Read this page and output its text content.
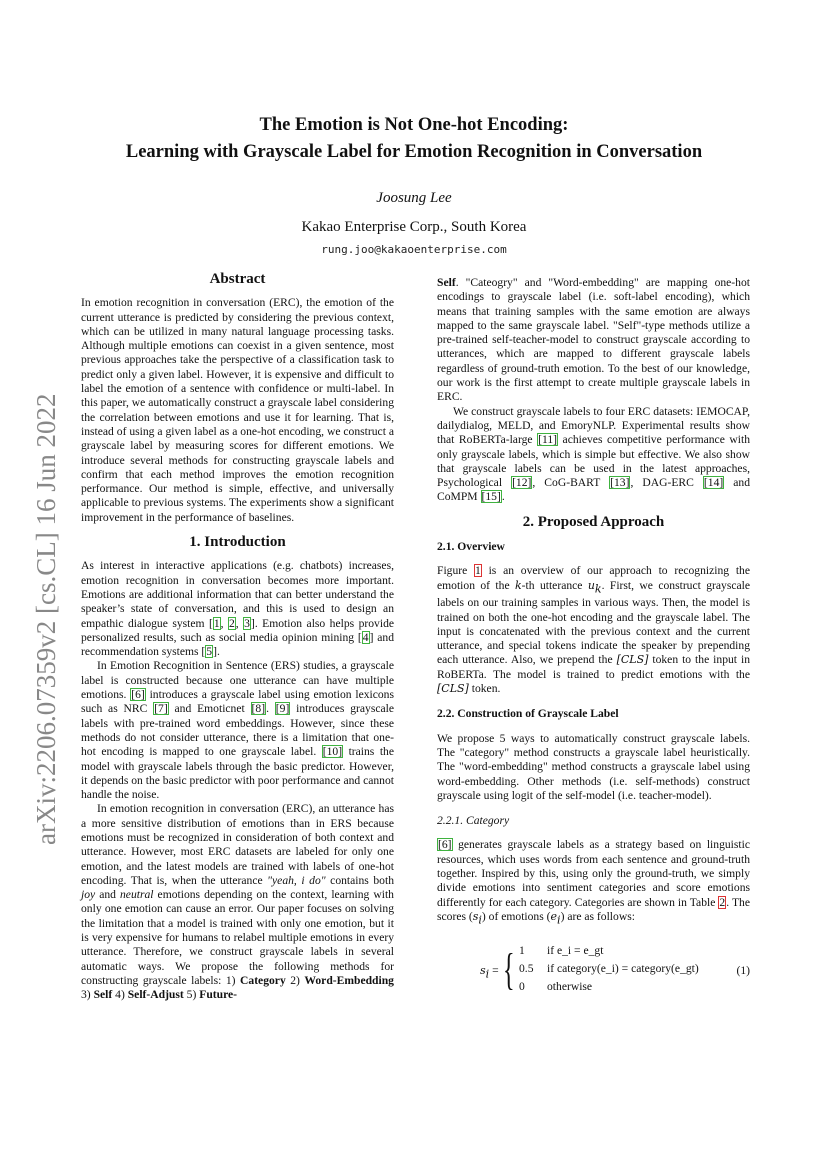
arXiv:2206.07359v2 [cs.CL] 16 Jun 2022
The Emotion is Not One-hot Encoding:
Learning with Grayscale Label for Emotion Recognition in Conversation
Joosung Lee
Kakao Enterprise Corp., South Korea
rung.joo@kakaoenterprise.com
Abstract

In emotion recognition in conversation (ERC), the emotion of the current utterance is predicted by considering the previous context, which can be utilized in many natural language processing tasks. Although multiple emotions can coexist in a given sentence, most previous approaches take the perspective of a classification task to predict only a given label. However, it is expensive and difficult to label the emotion of a sentence with confidence or multi-label. In this paper, we automatically construct a grayscale label considering the correlation between emotions and use it for learning. That is, instead of using a given label as a one-hot encoding, we construct a grayscale label by measuring scores for different emotions. We introduce several methods for constructing grayscale labels and confirm that each method improves the emotion recognition performance. Our method is simple, effective, and universally applicable to previous systems. The experiments show a significant improvement in the performance of baselines.

1. Introduction

As interest in interactive applications (e.g. chatbots) increases, emotion recognition in conversation becomes more important. Emotions are additional information that can better understand the speaker’s state of conversation, and this is used to design an empathic dialogue system [1, 2, 3]. Emotion also helps provide personalized results, such as social media opinion mining [4] and recommendation systems [5].

In Emotion Recognition in Sentence (ERS) studies, a grayscale label is constructed because one utterance can have multiple emotions. [6] introduces a grayscale label using emotion lexicons such as NRC [7] and Emoticnet [8]. [9] introduces grayscale labels with pre-trained word embeddings. However, since these methods do not consider utterance, there is a limitation that one-hot encoding is mapped to one grayscale label. [10] trains the model with grayscale labels through the basic predictor. However, it depends on the basic predictor with poor performance and cannot handle the noise.

In emotion recognition in conversation (ERC), an utterance has a more sensitive distribution of emotions than in ERS because emotions must be recognized in consideration of both context and utterance. However, most ERC datasets are labeled for only one emotion, and the latest models are trained with labels of one-hot encoding. That is, when the utterance "yeah, i do" contains both joy and neutral emotions depending on the context, learning with only one emotion can cause an error. Our paper focuses on solving the limitation that a model is trained with only one emotion, but it is very expensive for humans to relabel multiple emotions in every utterance. Therefore, we construct grayscale labels in several automatic ways. We propose the following methods for constructing grayscale labels: 1) Category 2) Word-Embedding 3) Self 4) Self-Adjust 5) Future-

Self. "Cateogry" and "Word-embedding" are mapping one-hot encodings to grayscale label (i.e. soft-label encoding), which means that training samples with the same emotion are always mapped to the same grayscale label. "Self"-type methods utilize a pre-trained self-teacher-model to construct grayscale according to utterances, which are mapped to different grayscale labels regardless of ground-truth emotion. To the best of our knowledge, our work is the first attempt to create multiple grayscale labels in ERC.

We construct grayscale labels to four ERC datasets: IEMOCAP, dailydialog, MELD, and EmoryNLP. Experimental results show that RoBERTa-large [11] achieves competitive performance with only grayscale labels, which is simple but effective. We also show that grayscale labels can be used in the latest approaches, Psychological [12], CoG-BART [13], DAG-ERC [14] and CoMPM [15].

2. Proposed Approach
2.1. Overview

Figure 1 is an overview of our approach to recognizing the emotion of the k-th utterance $u_k$. First, we construct grayscale labels on our training samples in various ways. Then, the model is trained on both the one-hot encoding and the grayscale label. The input is concatenated with the previous context and the current utterance, and special tokens indicate the speaker by prepending each utterance. Also, we prepend the [CLS] token to the input in RoBERTa. The model is trained to predict emotions with the [CLS] token.

2.2. Construction of Grayscale Label

We propose 5 ways to automatically construct grayscale labels. The "category" method constructs a grayscale label heuristically. The "word-embedding" method constructs a grayscale label using word-embedding. Other methods (i.e. self-methods) construct grayscale using logit of the self-model (i.e. teacher-model).

2.2.1. Category

[6] generates grayscale labels as a strategy based on linguistic resources, which uses words from each sentence and ground-truth together. Inspired by this, using only the ground-truth, we simply divide emotions into sentiment categories and score emotions differently for each category. Categories are shown in Table 2. The scores $(s_i)$ of emotions $(e_i)$ are as follows:

$s_i$ = { 1 if e_i = e_gt
0.5 if category(e_i) = category(e_gt)
0 otherwise
(1)
